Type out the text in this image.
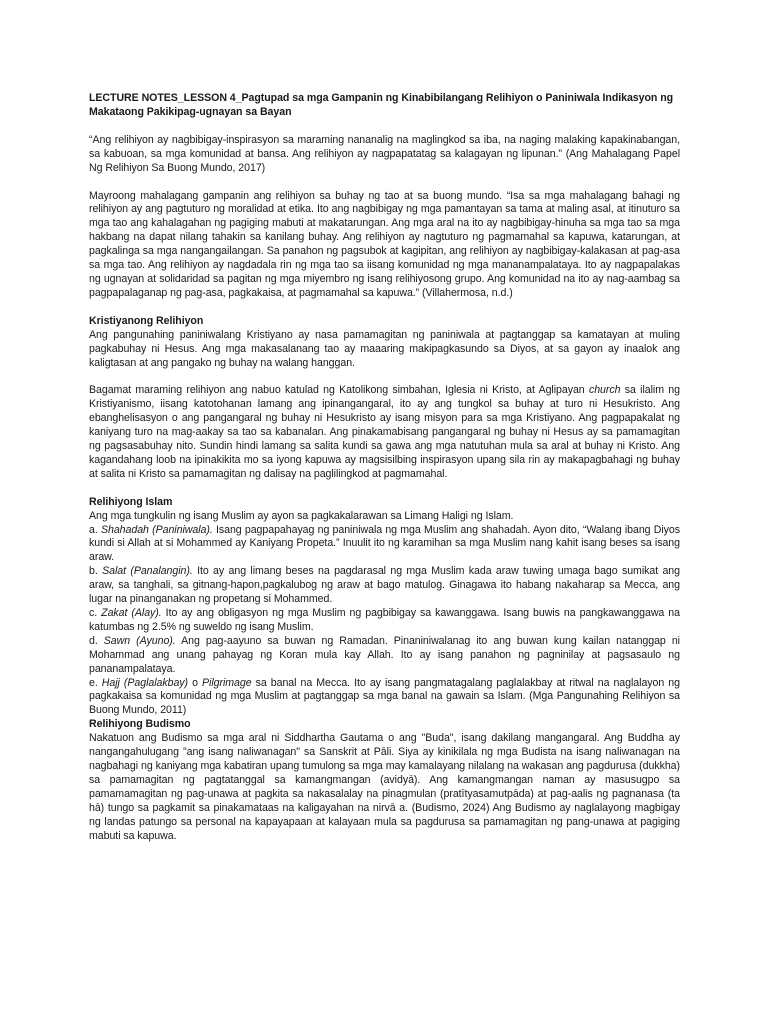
LECTURE NOTES_LESSON 4_Pagtupad sa mga Gampanin ng Kinabibilangang Relihiyon o Paniniwala Indikasyon ng Makataong Pakikipag-ugnayan sa Bayan

“Ang relihiyon ay nagbibigay-inspirasyon sa maraming nananalig na maglingkod sa iba, na naging malaking kapakinabangan, sa kabuoan, sa mga komunidad at bansa. Ang relihiyon ay nagpapatatag sa kalagayan ng lipunan.” (Ang Mahalagang Papel Ng Relihiyon Sa Buong Mundo, 2017)

Mayroong mahalagang gampanin ang relihiyon sa buhay ng tao at sa buong mundo. “Isa sa mga mahalagang bahagi ng relihiyon ay ang pagtuturo ng moralidad at etika. Ito ang nagbibigay ng mga pamantayan sa tama at maling asal, at itinuturo sa mga tao ang kahalagahan ng pagiging mabuti at makatarungan. Ang mga aral na ito ay nagbibigay-hinuha sa mga tao sa mga hakbang na dapat nilang tahakin sa kanilang buhay. Ang relihiyon ay nagtuturo ng pagmamahal sa kapuwa, katarungan, at pagkalinga sa mga nangangailangan. Sa panahon ng pagsubok at kagipitan, ang relihiyon ay nagbibigay-kalakasan at pag-asa sa mga tao. Ang relihiyon ay nagdadala rin ng mga tao sa iisang komunidad ng mga mananampalataya. Ito ay nagpapalakas ng ugnayan at solidaridad sa pagitan ng mga miyembro ng isang relihiyosong grupo. Ang komunidad na ito ay nag-aambag sa pagpapalaganap ng pag-asa, pagkakaisa, at pagmamahal sa kapuwa.” (Villahermosa, n.d.)

Kristiyanong Relihiyon

Ang pangunahing paniniwalang Kristiyano ay nasa pamamagitan ng paniniwala at pagtanggap sa kamatayan at muling pagkabuhay ni Hesus. Ang mga makasalanang tao ay maaaring makipagkasundo sa Diyos, at sa gayon ay inaalok ang kaligtasan at ang pangako ng buhay na walang hanggan.

Bagamat maraming relihiyon ang nabuo katulad ng Katolikong simbahan, Iglesia ni Kristo, at Aglipayan church sa ilalim ng Kristiyanismo, iisang katotohanan lamang ang ipinangangaral, ito ay ang tungkol sa buhay at turo ni Hesukristo. Ang ebanghelisasyon o ang pangangaral ng buhay ni Hesukristo ay isang misyon para sa mga Kristiyano. Ang pagpapakalat ng kaniyang turo na mag-aakay sa tao sa kabanalan. Ang pinakamabisang pangangaral ng buhay ni Hesus ay sa pamamagitan ng pagsasabuhay nito. Sundin hindi lamang sa salita kundi sa gawa ang mga natutuhan mula sa aral at buhay ni Kristo. Ang kagandahang loob na ipinakikita mo sa iyong kapuwa ay magsisilbing inspirasyon upang sila rin ay makapagbahagi ng buhay at salita ni Kristo sa pamamagitan ng dalisay na paglilingkod at pagmamahal.

Relihiyong Islam

Ang mga tungkulin ng isang Muslim ay ayon sa pagkakalarawan sa Limang Haligi ng Islam.

a. Shahadah (Paniniwala). Isang pagpapahayag ng paniniwala ng mga Muslim ang shahadah. Ayon dito, “Walang ibang Diyos kundi si Allah at si Mohammed ay Kaniyang Propeta.” Inuulit ito ng karamihan sa mga Muslim nang kahit isang beses sa isang araw.

b. Salat (Panalangin). Ito ay ang limang beses na pagdarasal ng mga Muslim kada araw tuwing umaga bago sumikat ang araw, sa tanghali, sa gitnang-hapon,pagkalubog ng araw at bago matulog. Ginagawa ito habang nakaharap sa Mecca, ang lugar na pinanganakan ng propetang si Mohammed.

c. Zakat (Alay). Ito ay ang obligasyon ng mga Muslim ng pagbibigay sa kawanggawa. Isang buwis na pangkawanggawa na katumbas ng 2.5% ng suweldo ng isang Muslim.

d. Sawn (Ayuno). Ang pag-aayuno sa buwan ng Ramadan. Pinaniniwalanag ito ang buwan kung kailan natanggap ni Mohammad ang unang pahayag ng Koran mula kay Allah. Ito ay isang panahon ng pagninilay at pagsasaulo ng pananampalataya.

e. Hajj (Paglalakbay) o Pilgrimage sa banal na Mecca. Ito ay isang pangmatagalang paglalakbay at ritwal na naglalayon ng pagkakaisa sa komunidad ng mga Muslim at pagtanggap sa mga banal na gawain sa Islam. (Mga Pangunahing Relihiyon sa Buong Mundo, 2011)

Relihiyong Budismo

Nakatuon ang Budismo sa mga aral ni Siddhartha Gautama o ang "Buda", isang dakilang mangangaral. Ang Buddha ay nangangahulugang "ang isang naliwanagan" sa Sanskrit at Pāli. Siya ay kinikilala ng mga Budista na isang naliwanagan na nagbahagi ng kaniyang mga kabatiran upang tumulong sa mga may kamalayang nilalang na wakasan ang pagdurusa (dukkha) sa pamamagitan ng pagtatanggal sa kamangmangan (avidyā). Ang kamangmangan naman ay masusugpo sa pamamamagitan ng pag-unawa at pagkita sa nakasalalay na pinagmulan (pratītyasamutpāda) at pag-aalis ng pagnanasa (ta hā) tungo sa pagkamit sa pinakamataas na kaligayahan na nirvā a. (Budismo, 2024) Ang Budismo ay naglalayong magbigay ng landas patungo sa personal na kapayapaan at kalayaan mula sa pagdurusa sa pamamagitan ng pang-unawa at pagiging mabuti sa kapuwa.
